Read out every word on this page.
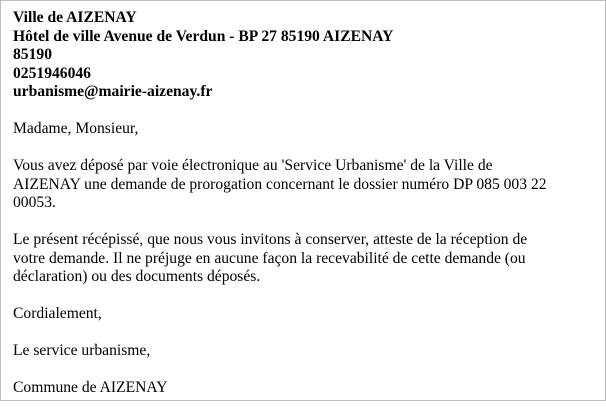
Ville de AIZENAY
Hôtel de ville Avenue de Verdun - BP 27 85190 AIZENAY
85190
0251946046
urbanisme@mairie-aizenay.fr

Madame, Monsieur,

Vous avez déposé par voie électronique au 'Service Urbanisme' de la Ville de AIZENAY une demande de prorogation concernant le dossier numéro DP 085 003 22 00053.

Le présent récépissé, que nous vous invitons à conserver, atteste de la réception de votre demande. Il ne préjuge en aucune façon la recevabilité de cette demande (ou déclaration) ou des documents déposés.

Cordialement,

Le service urbanisme,

Commune de AIZENAY
